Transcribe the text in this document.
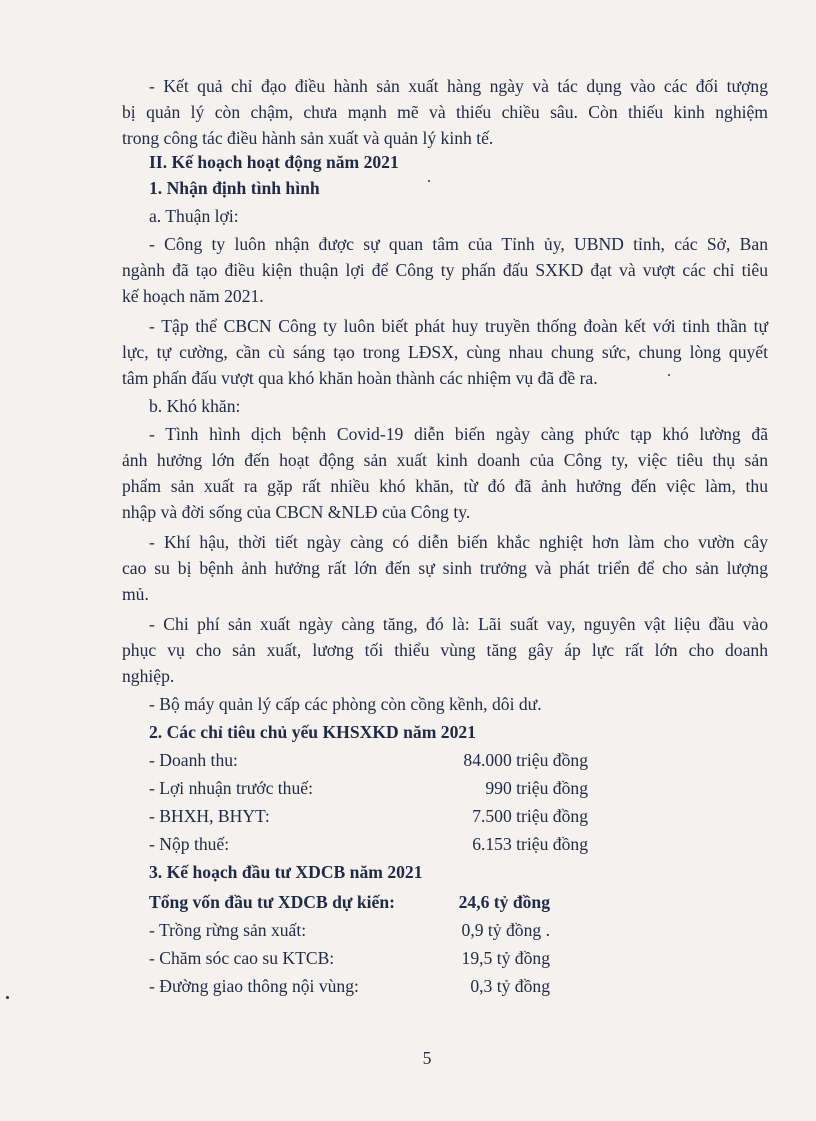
- Kết quả chỉ đạo điều hành sản xuất hàng ngày và tác dụng vào các đối tượng
bị quản lý còn chậm, chưa mạnh mẽ và thiếu chiều sâu. Còn thiếu kinh nghiệm
trong công tác điều hành sản xuất và quản lý kinh tế.
II. Kế hoạch hoạt động năm 2021
1. Nhận định tình hình
a. Thuận lợi:
- Công ty luôn nhận được sự quan tâm của Tỉnh ủy, UBND tỉnh, các Sở, Ban
ngành đã tạo điều kiện thuận lợi để Công ty phấn đấu SXKD đạt và vượt các chỉ tiêu
kế hoạch năm 2021.
- Tập thể CBCN Công ty luôn biết phát huy truyền thống đoàn kết với tinh thần tự
lực, tự cường, cần cù sáng tạo trong LĐSX, cùng nhau chung sức, chung lòng quyết
tâm phấn đấu vượt qua khó khăn hoàn thành các nhiệm vụ đã đề ra.
b. Khó khăn:
- Tình hình dịch bệnh Covid-19 diễn biến ngày càng phức tạp khó lường đã
ảnh hưởng lớn đến hoạt động sản xuất kinh doanh của Công ty, việc tiêu thụ sản
phẩm sản xuất ra gặp rất nhiều khó khăn, từ đó đã ảnh hưởng đến việc làm, thu
nhập và đời sống của CBCN &NLĐ của Công ty.
- Khí hậu, thời tiết ngày càng có diễn biến khắc nghiệt hơn làm cho vườn cây
cao su bị bệnh ảnh hưởng rất lớn đến sự sinh trưởng và phát triển để cho sản lượng
mủ.
- Chi phí sản xuất ngày càng tăng, đó là: Lãi suất vay, nguyên vật liệu đầu vào
phục vụ cho sản xuất, lương tối thiểu vùng tăng gây áp lực rất lớn cho doanh
nghiệp.
- Bộ máy quản lý cấp các phòng còn cồng kềnh, dôi dư.
2. Các chỉ tiêu chủ yếu KHSXKD năm 2021
- Doanh thu:	84.000 triệu đồng
- Lợi nhuận trước thuế:	990 triệu đồng
- BHXH, BHYT:	7.500 triệu đồng
- Nộp thuế:	6.153 triệu đồng
3. Kế hoạch đầu tư XDCB năm 2021
Tổng vốn đầu tư XDCB dự kiến:	24,6 tỷ đồng
- Trồng rừng sản xuất:	0,9 tỷ đồng .
- Chăm sóc cao su KTCB:	19,5 tỷ đồng
- Đường giao thông nội vùng:	0,3 tỷ đồng
5
